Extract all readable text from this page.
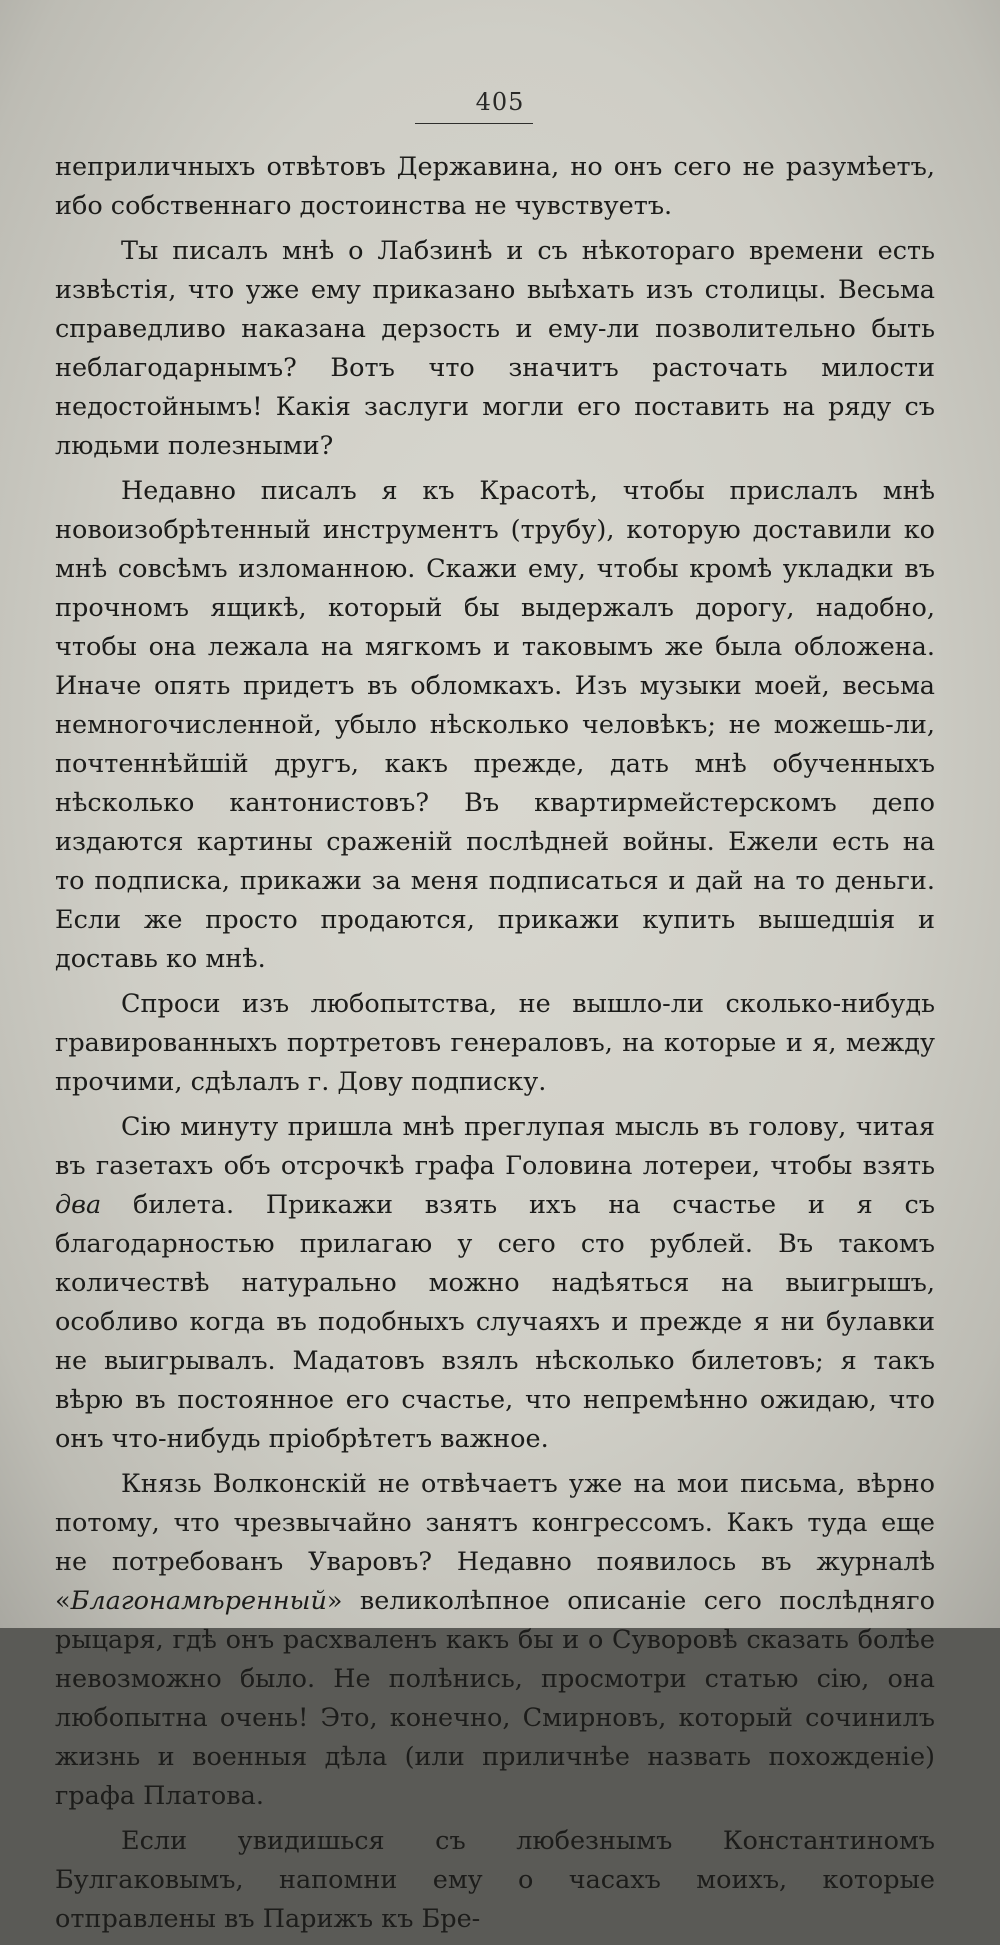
405

неприличныхъ отвѣтовъ Державина, но онъ сего не разумѣетъ, ибо собственнаго достоинства не чувствуетъ.

Ты писалъ мнѣ о Лабзинѣ и съ нѣкотораго времени есть извѣстія, что уже ему приказано выѣхать изъ столицы. Весьма справедливо наказана дерзость и ему-ли позволительно быть неблагодарнымъ? Вотъ что значитъ расточать милости недостойнымъ! Какія заслуги могли его поставить на ряду съ людьми полезными?

Недавно писалъ я къ Красотѣ, чтобы прислалъ мнѣ новоизобрѣтенный инструментъ (трубу), которую доставили ко мнѣ совсѣмъ изломанною. Скажи ему, чтобы кромѣ укладки въ прочномъ ящикѣ, который бы выдержалъ дорогу, надобно, чтобы она лежала на мягкомъ и таковымъ же была обложена. Иначе опять придетъ въ обломкахъ. Изъ музыки моей, весьма немногочисленной, убыло нѣсколько человѣкъ; не можешь-ли, почтеннѣйшій другъ, какъ прежде, дать мнѣ обученныхъ нѣсколько кантонистовъ? Въ квартирмейстерскомъ депо издаются картины сраженій послѣдней войны. Ежели есть на то подписка, прикажи за меня подписаться и дай на то деньги. Если же просто продаются, прикажи купить вышедшія и доставь ко мнѣ.

Спроси изъ любопытства, не вышло-ли сколько-нибудь гравированныхъ портретовъ генераловъ, на которые и я, между прочими, сдѣлалъ г. Дову подписку.

Сію минуту пришла мнѣ преглупая мысль въ голову, читая въ газетахъ объ отсрочкѣ графа Головина лотереи, чтобы взять два билета. Прикажи взять ихъ на счастье и я съ благодарностью прилагаю у сего сто рублей. Въ такомъ количествѣ натурально можно надѣяться на выигрышъ, особливо когда въ подобныхъ случаяхъ и прежде я ни булавки не выигрывалъ. Мадатовъ взялъ нѣсколько билетовъ; я такъ вѣрю въ постоянное его счастье, что непремѣнно ожидаю, что онъ что-нибудь пріобрѣтетъ важное.

Князь Волконскій не отвѣчаетъ уже на мои письма, вѣрно потому, что чрезвычайно занятъ конгрессомъ. Какъ туда еще не потребованъ Уваровъ? Недавно появилось въ журналѣ «Благонамѣренный» великолѣпное описаніе сего послѣдняго рыцаря, гдѣ онъ расхваленъ какъ бы и о Суворовѣ сказать болѣе невозможно было. Не полѣнись, просмотри статью сію, она любопытна очень! Это, конечно, Смирновъ, который сочинилъ жизнь и военныя дѣла (или приличнѣе назвать похожденіе) графа Платова.

Если увидишься съ любезнымъ Константиномъ Булгаковымъ, напомни ему о часахъ моихъ, которые отправлены въ Парижъ къ Бре-
